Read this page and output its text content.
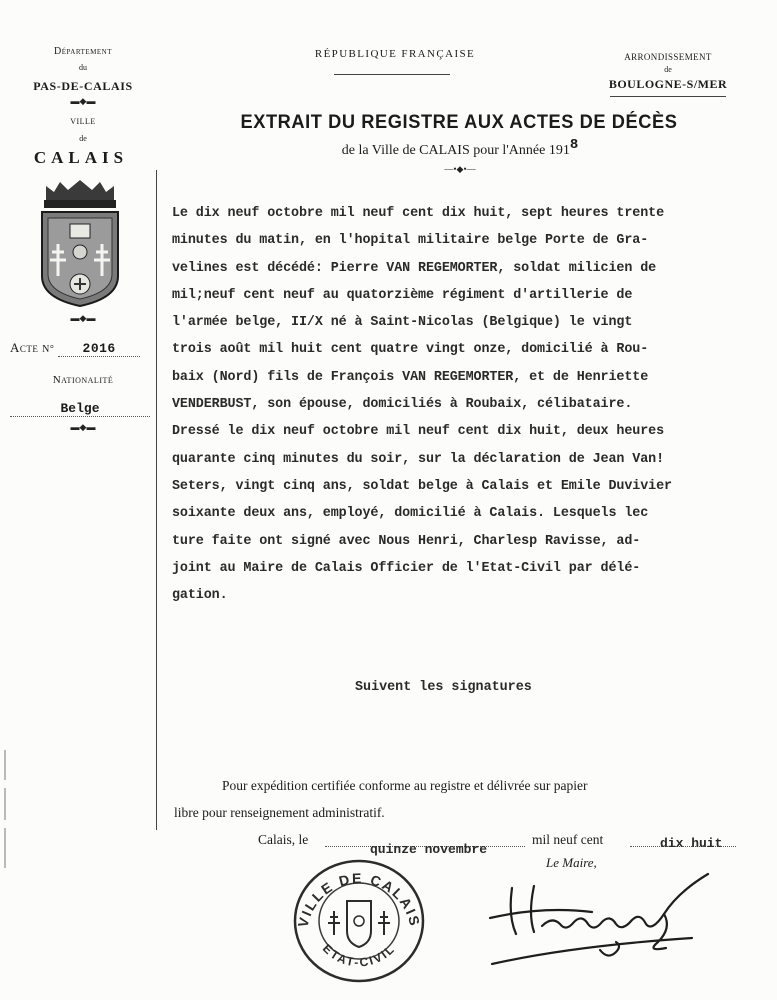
Département
du
PAS-DE-CALAIS
▬◆▬
VILLE
de
CALAIS
▬◆▬
Acte N° 2016
Nationalité
Belge
▬◆▬
RÉPUBLIQUE FRANÇAISE	ARRONDISSEMENT
de
BOULOGNE-S/MER
EXTRAIT DU REGISTRE AUX ACTES DE DÉCÈS
de la Ville de CALAIS pour l'Année 1918
—•◆•—
Le dix neuf octobre mil neuf cent dix huit, sept heures trente
minutes du matin, en l'hopital militaire belge Porte de Gra-
velines est décédé: Pierre VAN REGEMORTER, soldat milicien de
mil;neuf cent neuf au quatorzième régiment d'artillerie de
l'armée belge, II/X né à Saint-Nicolas (Belgique) le vingt
trois août mil huit cent quatre vingt onze, domicilié à Rou-
baix (Nord) fils de François VAN REGEMORTER, et de Henriette
VENDERBUST, son épouse, domiciliés à Roubaix, célibataire.
Dressé le dix neuf octobre mil neuf cent dix huit, deux heures
quarante cinq minutes du soir, sur la déclaration de Jean Van!
Seters, vingt cinq ans, soldat belge à Calais et Emile Duvivier
soixante deux ans, employé, domicilié à Calais. Lesquels lec
ture faite ont signé avec Nous Henri, Charlesp Ravisse, ad-
joint au Maire de Calais Officier de l'Etat-Civil par délé-
gation.
Suivent les signatures
Pour expédition certifiée conforme au registre et délivrée sur papier
libre pour renseignement administratif.
Calais, le
quinze novembre
mil neuf cent	dix huit
Le Maire,
VILLE DE CALAIS
ETAT-CIVIL
